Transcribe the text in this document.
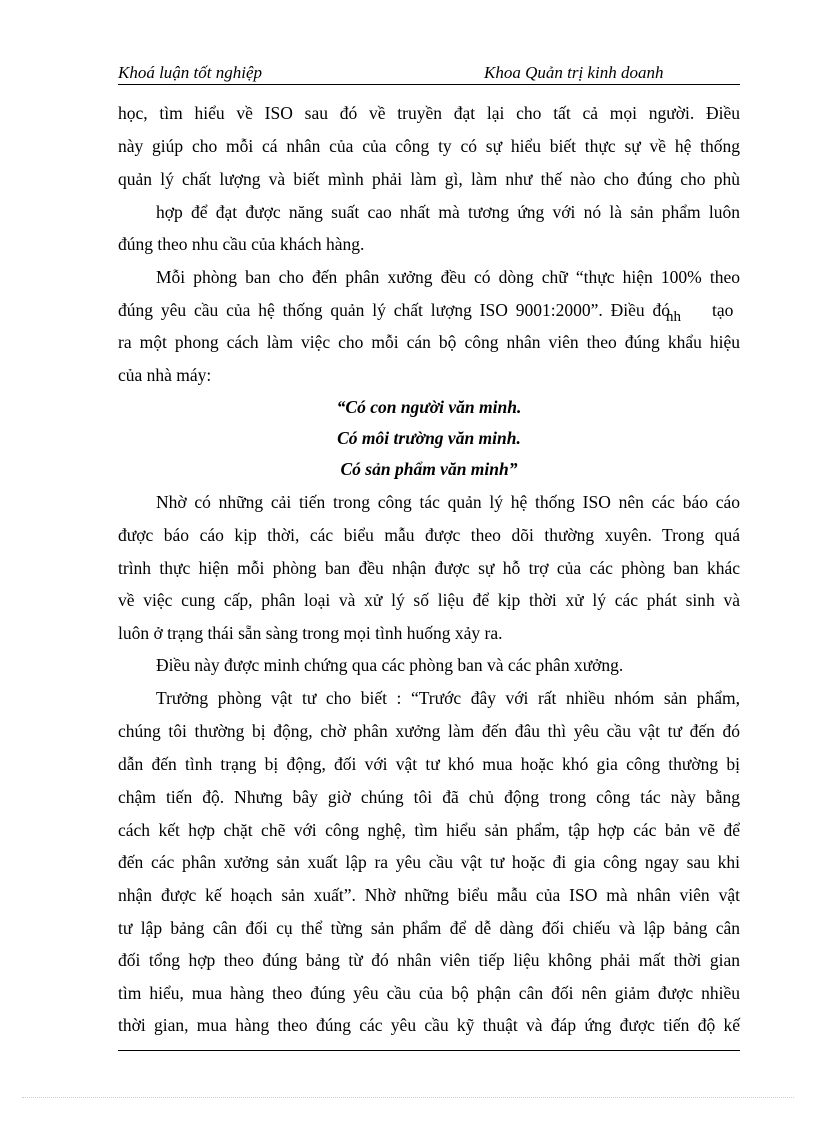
Khoá luận tốt nghiệp	Khoa Quản trị kinh doanh
học, tìm hiểu về ISO sau đó về truyền đạt lại cho tất cả mọi người. Điều
này giúp cho mỗi cá nhân của của công ty có sự hiểu biết thực sự về hệ thống
quản lý chất lượng và biết mình phải làm gì, làm như thế nào cho đúng cho phù
hợp để đạt được năng suất cao nhất mà tương ứng với nó là sản phẩm luôn
đúng theo nhu cầu của khách hàng.
Mỗi phòng ban cho đến phân xưởng đều có dòng chữ “thực hiện 100% theo
đúng yêu cầu của hệ thống quản lý chất lượng ISO 9001:2000”. Điều đó
nh tạo
ra một phong cách làm việc cho mỗi cán bộ công nhân viên theo đúng khẩu hiệu
của nhà máy:
“Có con người văn minh.
Có môi trường văn minh.
Có sản phẩm văn minh”
Nhờ có những cải tiến trong công tác quản lý hệ thống ISO nên các báo cáo
được báo cáo kịp thời, các biểu mẫu được theo dõi thường xuyên. Trong quá
trình thực hiện mỗi phòng ban đều nhận được sự hỗ trợ của các phòng ban khác
về việc cung cấp, phân loại và xử lý số liệu để kịp thời xử lý các phát sinh và
luôn ở trạng thái sẵn sàng trong mọi tình huống xảy ra.
Điều này được minh chứng qua các phòng ban và các phân xưởng.
Trưởng phòng vật tư cho biết : “Trước đây với rất nhiều nhóm sản phẩm,
chúng tôi thường bị động, chờ phân xưởng làm đến đâu thì yêu cầu vật tư đến đó
dẫn đến tình trạng bị động, đối với vật tư khó mua hoặc khó gia công thường bị
chậm tiến độ. Nhưng bây giờ chúng tôi đã chủ động trong công tác này bằng
cách kết hợp chặt chẽ với công nghệ, tìm hiểu sản phẩm, tập hợp các bản vẽ để
đến các phân xưởng sản xuất lập ra yêu cầu vật tư hoặc đi gia công ngay sau khi
nhận được kế hoạch sản xuất”. Nhờ những biểu mẫu của ISO mà nhân viên vật
tư lập bảng cân đối cụ thể từng sản phẩm để dễ dàng đối chiếu và lập bảng cân
đối tổng hợp theo đúng bảng từ đó nhân viên tiếp liệu không phải mất thời gian
tìm hiểu, mua hàng theo đúng yêu cầu của bộ phận cân đối nên giảm được nhiều
thời gian, mua hàng theo đúng các yêu cầu kỹ thuật và đáp ứng được tiến độ kế
